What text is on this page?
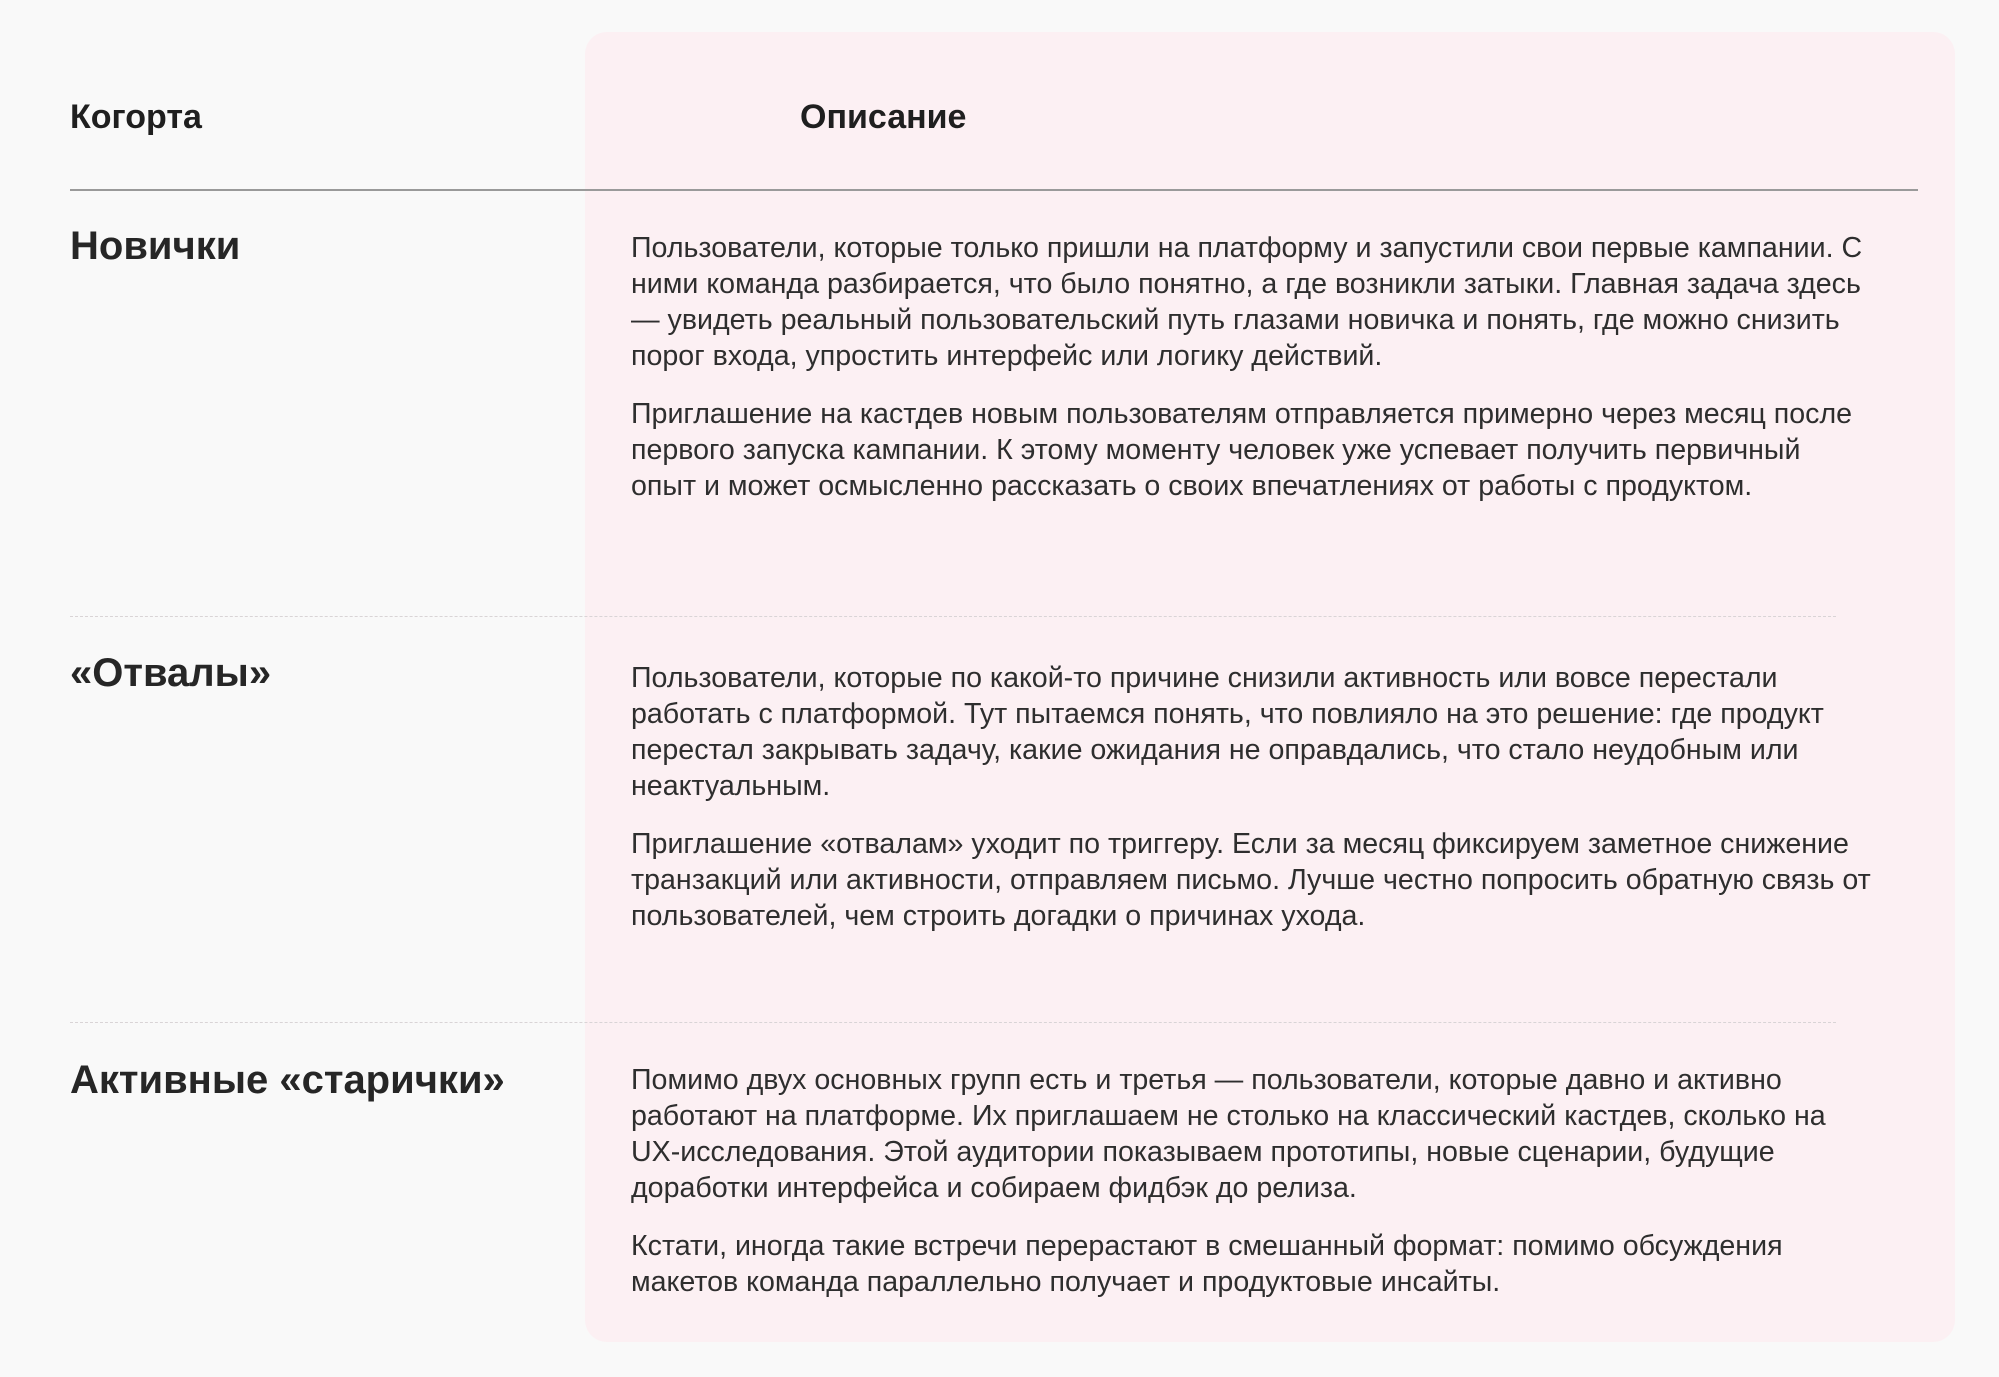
Когорта	Описание
Новички	Пользователи, которые только пришли на платформу и запустили свои первые кампании. С ними команда разбирается, что было понятно, а где возникли затыки. Главная задача здесь — увидеть реальный пользовательский путь глазами новичка и понять, где можно снизить порог входа, упростить интерфейс или логику действий.

Приглашение на кастдев новым пользователям отправляется примерно через месяц после первого запуска кампании. К этому моменту человек уже успевает получить первичный опыт и может осмысленно рассказать о своих впечатлениях от работы с продуктом.

«Отвалы»	Пользователи, которые по какой-то причине снизили активность или вовсе перестали работать с платформой. Тут пытаемся понять, что повлияло на это решение: где продукт перестал закрывать задачу, какие ожидания не оправдались, что стало неудобным или неактуальным.

Приглашение «отвалам» уходит по триггеру. Если за месяц фиксируем заметное снижение транзакций или активности, отправляем письмо. Лучше честно попросить обратную связь от пользователей, чем строить догадки о причинах ухода.

Активные «старички»	Помимо двух основных групп есть и третья — пользователи, которые давно и активно работают на платформе. Их приглашаем не столько на классический кастдев, сколько на UX-исследования. Этой аудитории показываем прототипы, новые сценарии, будущие доработки интерфейса и собираем фидбэк до релиза.

Кстати, иногда такие встречи перерастают в смешанный формат: помимо обсуждения макетов команда параллельно получает и продуктовые инсайты.
